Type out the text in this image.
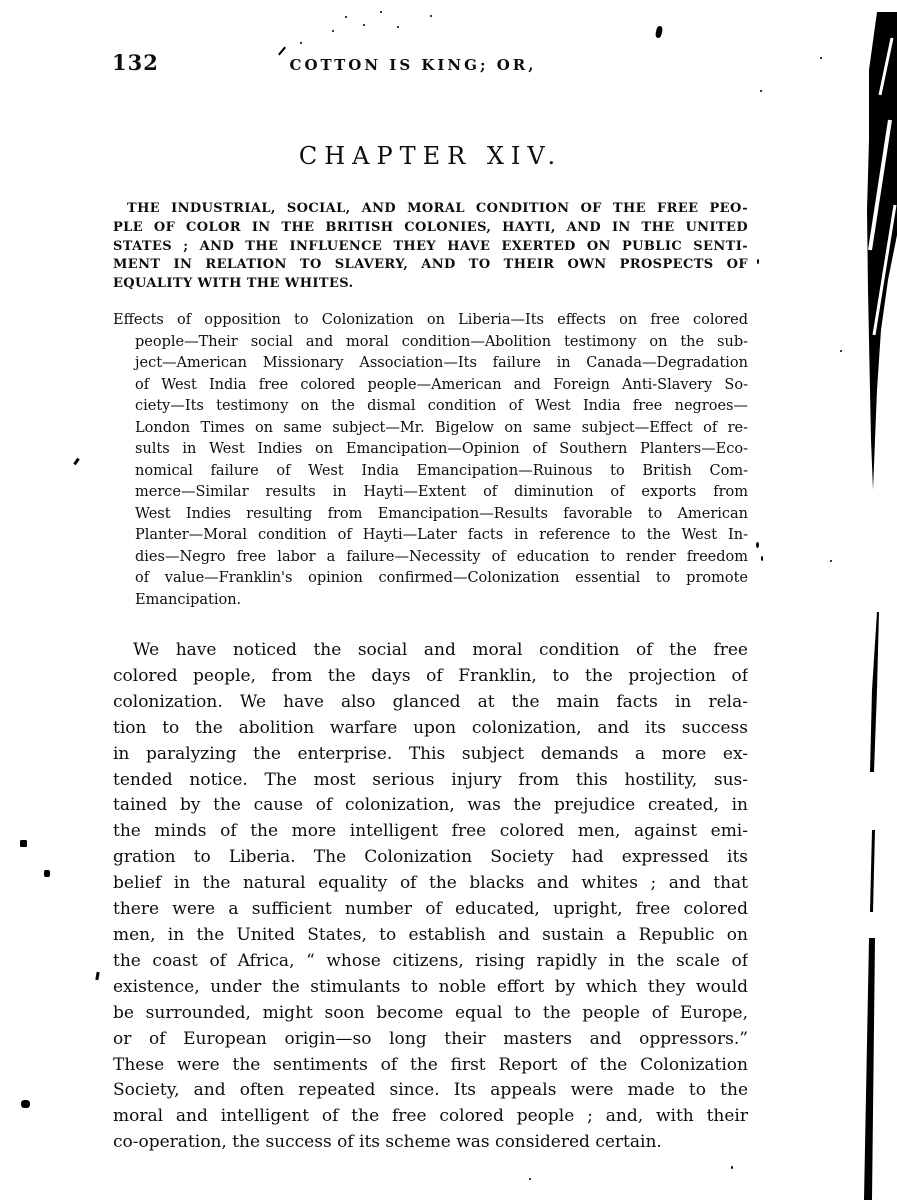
132	COTTON IS KING; OR,
CHAPTER XIV.
THE INDUSTRIAL, SOCIAL, AND MORAL CONDITION OF THE FREE PEO-
PLE OF COLOR IN THE BRITISH COLONIES, HAYTI, AND IN THE UNITED
STATES ; AND THE INFLUENCE THEY HAVE EXERTED ON PUBLIC SENTI-
MENT IN RELATION TO SLAVERY, AND TO THEIR OWN PROSPECTS OF
EQUALITY WITH THE WHITES.
Effects of opposition to Colonization on Liberia—Its effects on free colored
people—Their social and moral condition—Abolition testimony on the sub-
ject—American Missionary Association—Its failure in Canada—Degradation
of West India free colored people—American and Foreign Anti-Slavery So-
ciety—Its testimony on the dismal condition of West India free negroes—
London Times on same subject—Mr. Bigelow on same subject—Effect of re-
sults in West Indies on Emancipation—Opinion of Southern Planters—Eco-
nomical failure of West India Emancipation—Ruinous to British Com-
merce—Similar results in Hayti—Extent of diminution of exports from
West Indies resulting from Emancipation—Results favorable to American
Planter—Moral condition of Hayti—Later facts in reference to the West In-
dies—Negro free labor a failure—Necessity of education to render freedom
of value—Franklin's opinion confirmed—Colonization essential to promote
Emancipation.
We have noticed the social and moral condition of the free
colored people, from the days of Franklin, to the projection of
colonization. We have also glanced at the main facts in rela-
tion to the abolition warfare upon colonization, and its success
in paralyzing the enterprise. This subject demands a more ex-
tended notice. The most serious injury from this hostility, sus-
tained by the cause of colonization, was the prejudice created, in
the minds of the more intelligent free colored men, against emi-
gration to Liberia. The Colonization Society had expressed its
belief in the natural equality of the blacks and whites ; and that
there were a sufficient number of educated, upright, free colored
men, in the United States, to establish and sustain a Republic on
the coast of Africa, “ whose citizens, rising rapidly in the scale of
existence, under the stimulants to noble effort by which they would
be surrounded, might soon become equal to the people of Europe,
or of European origin—so long their masters and oppressors.”
These were the sentiments of the first Report of the Colonization
Society, and often repeated since. Its appeals were made to the
moral and intelligent of the free colored people ; and, with their
co-operation, the success of its scheme was considered certain.
